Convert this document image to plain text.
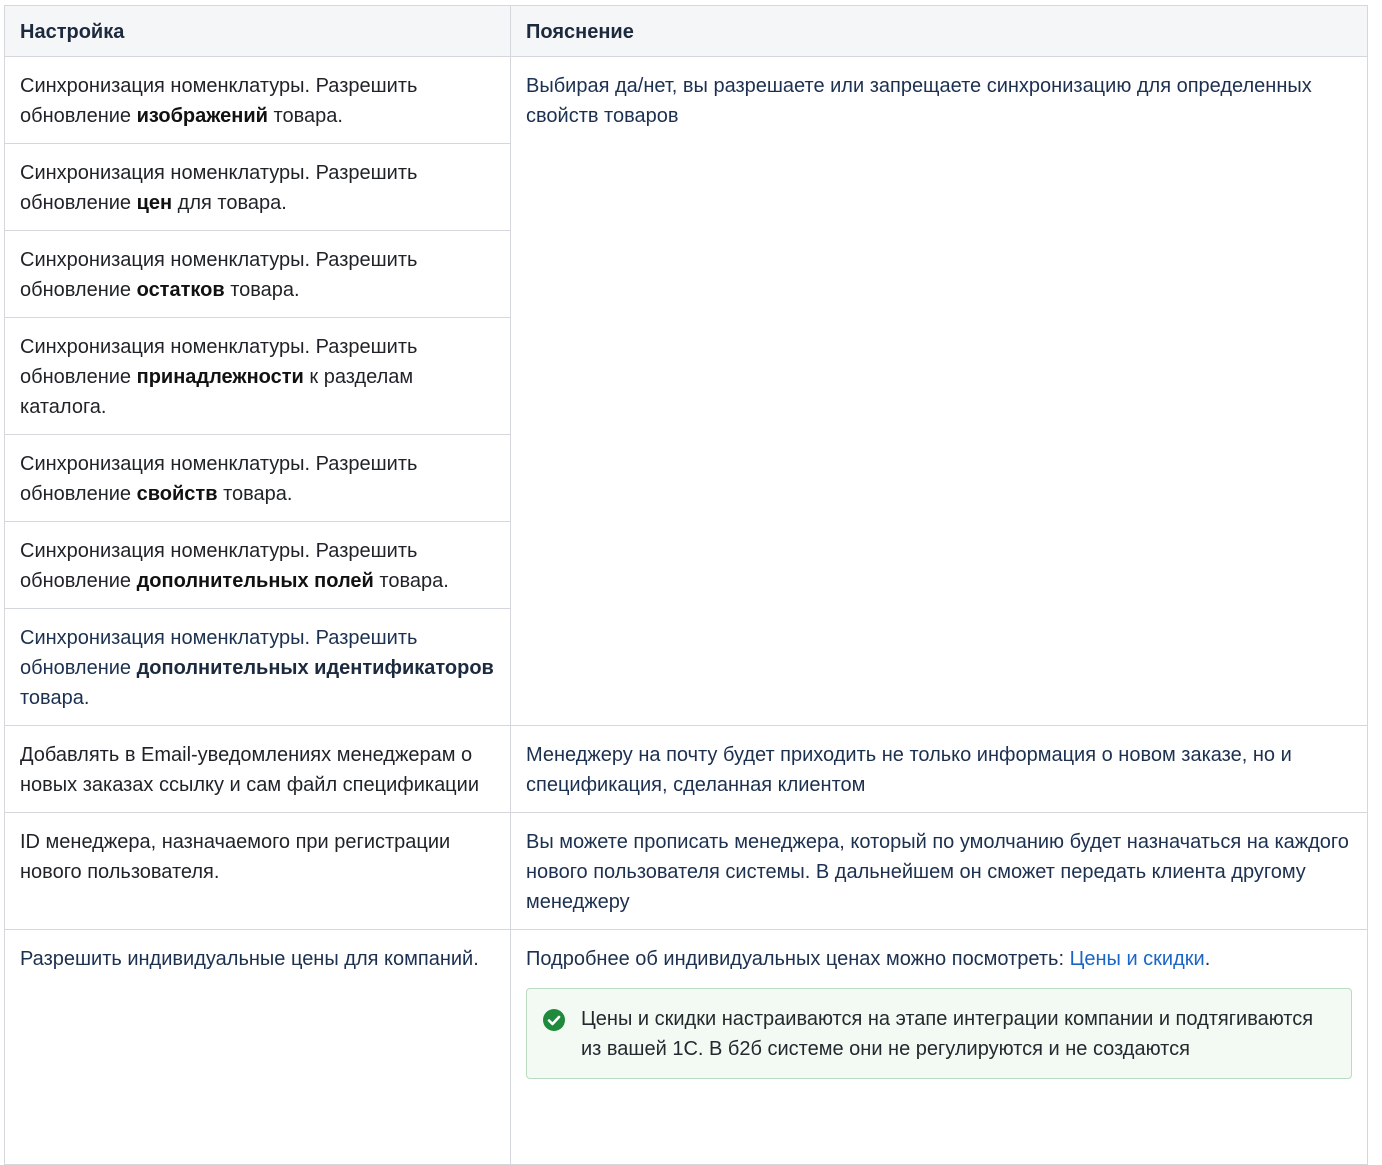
Настройка	Пояснение
Синхронизация номенклатуры. Разрешить обновление изображений товара.	Выбирая да/нет, вы разрешаете или запрещаете синхронизацию для определенных свойств товаров
Синхронизация номенклатуры. Разрешить обновление цен для товара.	
Синхронизация номенклатуры. Разрешить обновление остатков товара.	
Синхронизация номенклатуры. Разрешить обновление принадлежности к разделам каталога.	
Синхронизация номенклатуры. Разрешить обновление свойств товара.	
Синхронизация номенклатуры. Разрешить обновление дополнительных полей товара.	
Синхронизация номенклатуры. Разрешить обновление дополнительных идентификаторов товара.	
Добавлять в Email-уведомлениях менеджерам о новых заказах ссылку и сам файл спецификации	Менеджеру на почту будет приходить не только информация о новом заказе, но и спецификация, сделанная клиентом
ID менеджера, назначаемого при регистрации нового пользователя.	Вы можете прописать менеджера, который по умолчанию будет назначаться на каждого нового пользователя системы. В дальнейшем он сможет передать клиента другому менеджеру
Разрешить индивидуальные цены для компаний.	Подробнее об индивидуальных ценах можно посмотреть: Цены и скидки.
Цены и скидки настраиваются на этапе интеграции компании и подтягиваются из вашей 1С. В б2б системе они не регулируются и не создаются
